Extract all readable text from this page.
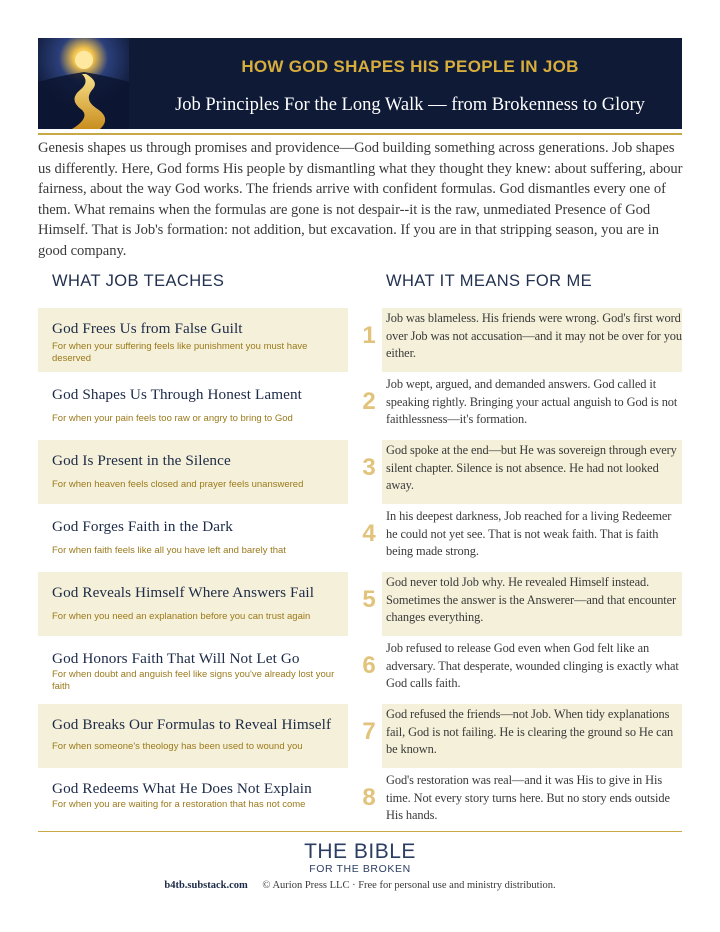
HOW GOD SHAPES HIS PEOPLE IN JOB
Job Principles For the Long Walk — from Brokenness to Glory

Genesis shapes us through promises and providence—God building something across generations. Job shapes us differently. Here, God forms His people by dismantling what they thought they knew: about suffering, abour fairness, about the way God works. The friends arrive with confident formulas. God dismantles every one of them. What remains when the formulas are gone is not despair--it is the raw, unmediated Presence of God Himself. That is Job's formation: not addition, but excavation. If you are in that stripping season, you are in good company.

WHAT JOB TEACHES	WHAT IT MEANS FOR ME
God Frees Us from False Guilt
For when your suffering feels like punishment you must have deserved
1

Job was blameless. His friends were wrong. God's first word over Job was not accusation—and it may not be over for you either.

God Shapes Us Through Honest Lament
For when your pain feels too raw or angry to bring to God
2

Job wept, argued, and demanded answers. God called it speaking rightly. Bringing your actual anguish to God is not faithlessness—it's formation.

God Is Present in the Silence
For when heaven feels closed and prayer feels unanswered
3

God spoke at the end—but He was sovereign through every silent chapter. Silence is not absence. He had not looked away.

God Forges Faith in the Dark
For when faith feels like all you have left and barely that
4

In his deepest darkness, Job reached for a living Redeemer he could not yet see. That is not weak faith. That is faith being made strong.

God Reveals Himself Where Answers Fail
For when you need an explanation before you can trust again
5

God never told Job why. He revealed Himself instead. Sometimes the answer is the Answerer—and that encounter changes everything.

God Honors Faith That Will Not Let Go
For when doubt and anguish feel like signs you've already lost your faith
6

Job refused to release God even when God felt like an adversary. That desperate, wounded clinging is exactly what God calls faith.

God Breaks Our Formulas to Reveal Himself
For when someone's theology has been used to wound you
7

God refused the friends—not Job. When tidy explanations fail, God is not failing. He is clearing the ground so He can be known.

God Redeems What He Does Not Explain
For when you are waiting for a restoration that has not come	8

God's restoration was real—and it was His to give in His time. Not every story turns here. But no story ends outside His hands.

THE BIBLE
FOR THE BROKEN
b4tb.substack.com © Aurion Press LLC · Free for personal use and ministry distribution.
